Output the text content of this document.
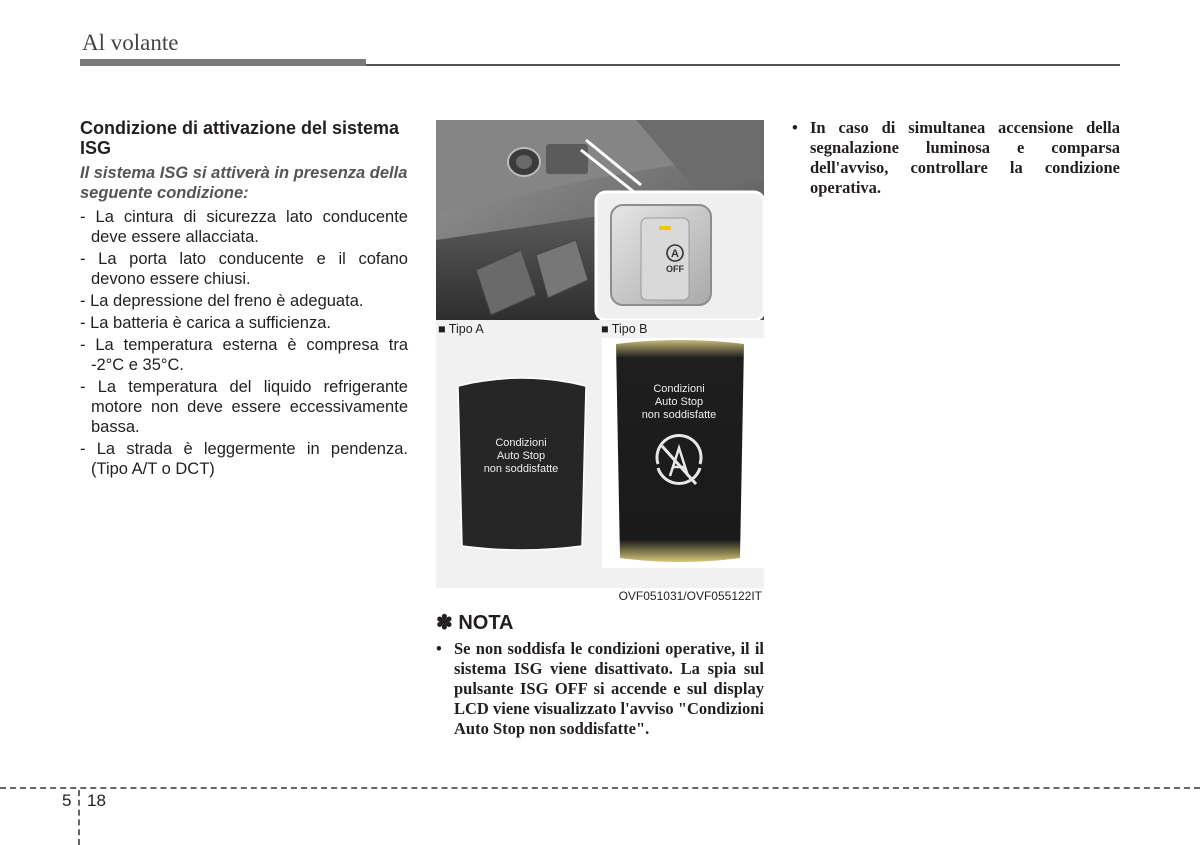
Al volante
Condizione di attivazione del sistema ISG
Il sistema ISG si attiverà in presenza della seguente condizione:
- La cintura di sicurezza lato conducente deve essere allacciata.
- La porta lato conducente e il cofano devono essere chiusi.
- La depressione del freno è adeguata.
- La batteria è carica a sufficienza.
- La temperatura esterna è compresa tra -2°C e 35°C.
- La temperatura del liquido refrigerante motore non deve essere eccessivamente bassa.
- La strada è leggermente in pendenza. (Tipo A/T o DCT)
A
OFF
■ Tipo A	■ Tipo B
Condizioni
Auto Stop
non soddisfatte
Condizioni
Auto Stop
non soddisfatte
OVF051031/OVF055122IT
✽ NOTA
• Se non soddisfa le condizioni operative, il il sistema ISG viene disattivato. La spia sul pulsante ISG OFF si accende e sul display LCD viene visualizzato l'avviso "Condizioni Auto Stop non soddisfatte".

• In caso di simultanea accensione della segnalazione luminosa e comparsa dell'avviso, controllare la condizione operativa.

5 18
